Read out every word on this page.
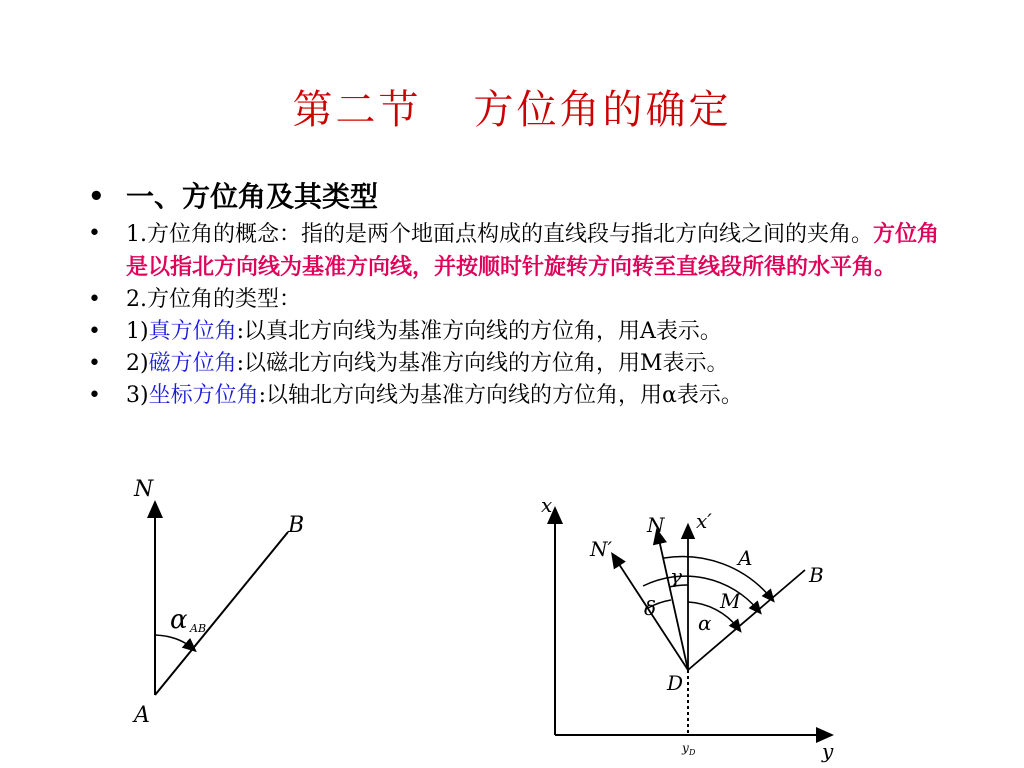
第二节 方位角的确定
• 一、方位角及其类型
• 1.方位角的概念：指的是两个地面点构成的直线段与指北方向线之间的夹角。方位角是以指北方向线为基准方向线，并按顺时针旋转方向转至直线段所得的水平角。
• 2.方位角的类型：
• 1)真方位角:以真北方向线为基准方向线的方位角，用A表示。
• 2)磁方位角:以磁北方向线为基准方向线的方位角，用M表示。
• 3)坐标方位角:以轴北方向线为基准方向线的方位角，用α表示。
N
B
A
α AB
x
y
x′
N
N′	A
B
D
γ
δ	M
α
y D
